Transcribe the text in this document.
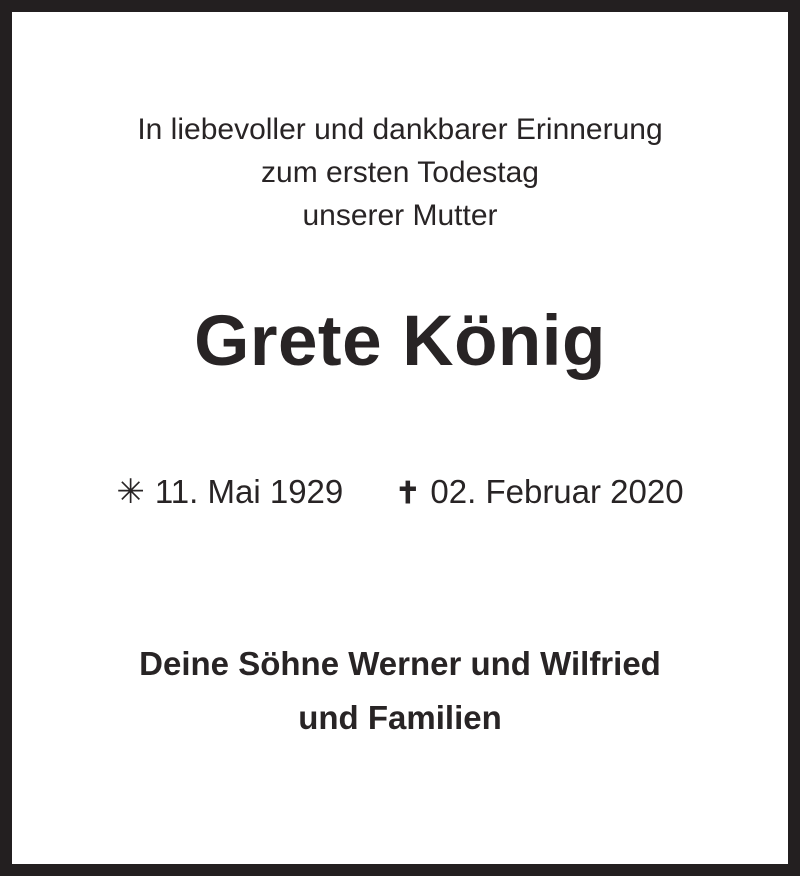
In liebevoller und dankbarer Erinnerung

zum ersten Todestag

unserer Mutter

Grete König
✳ 11. Mai 1929 ✝ 02. Februar 2020

Deine Söhne Werner und Wilfried

und Familien
